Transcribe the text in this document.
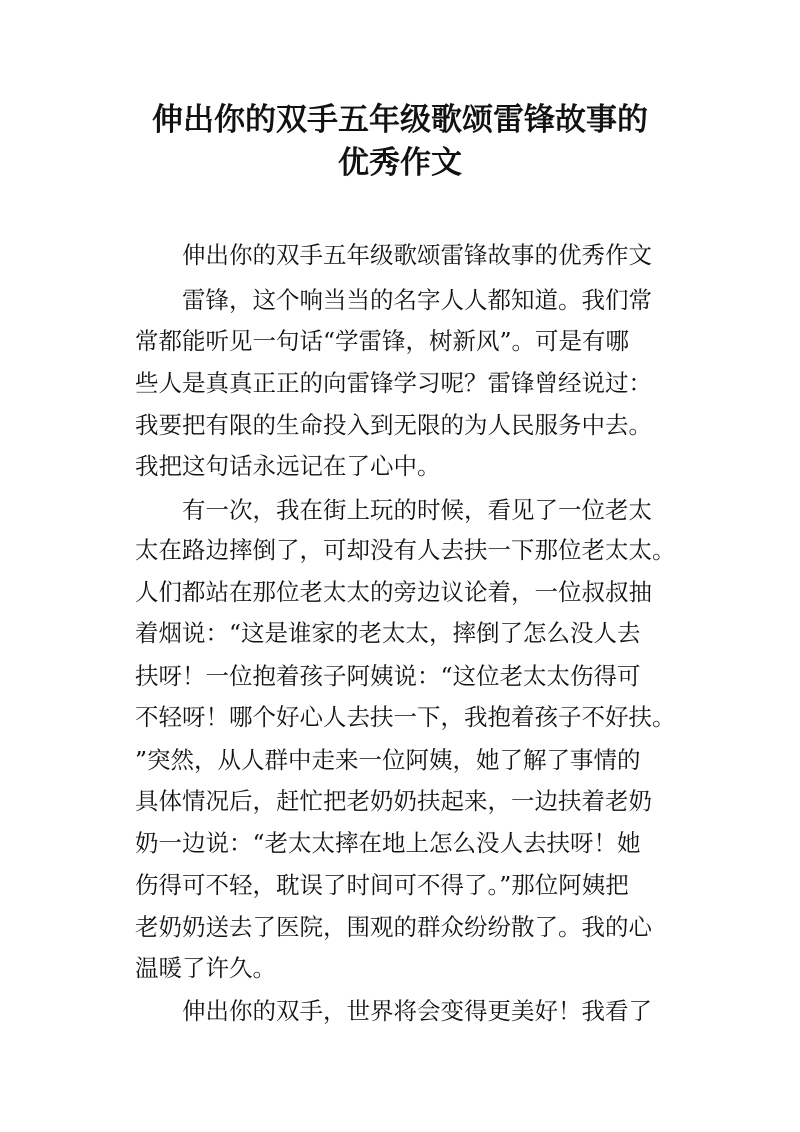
伸出你的双手五年级歌颂雷锋故事的
优秀作文
伸出你的双手五年级歌颂雷锋故事的优秀作文
雷锋，这个响当当的名字人人都知道。我们常
常都能听见一句话“学雷锋，树新风”。可是有哪
些人是真真正正的向雷锋学习呢？雷锋曾经说过：
我要把有限的生命投入到无限的为人民服务中去。
我把这句话永远记在了心中。
有一次，我在街上玩的时候，看见了一位老太
太在路边摔倒了，可却没有人去扶一下那位老太太。
人们都站在那位老太太的旁边议论着，一位叔叔抽
着烟说：“这是谁家的老太太，摔倒了怎么没人去
扶呀！一位抱着孩子阿姨说：“这位老太太伤得可
不轻呀！哪个好心人去扶一下，我抱着孩子不好扶。
”突然，从人群中走来一位阿姨，她了解了事情的
具体情况后，赶忙把老奶奶扶起来，一边扶着老奶
奶一边说：“老太太摔在地上怎么没人去扶呀！她
伤得可不轻，耽误了时间可不得了。”那位阿姨把
老奶奶送去了医院，围观的群众纷纷散了。我的心
温暖了许久。
伸出你的双手，世界将会变得更美好！我看了
